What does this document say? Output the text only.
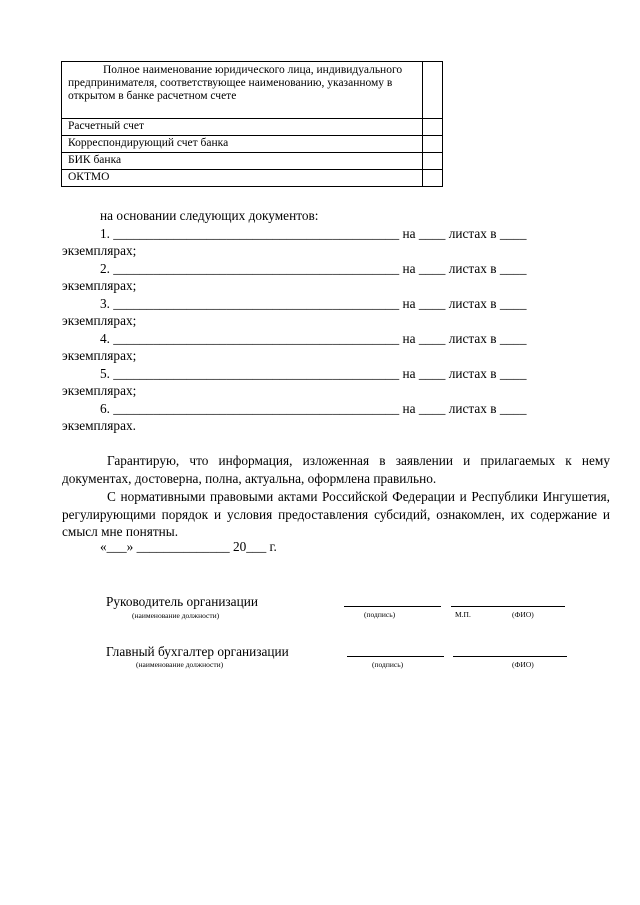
Полное наименование юридического лица, индивидуального предпринимателя, соответствующее наименованию, указанному в открытом в банке расчетном счете
Расчетный счет
Корреспондирующий счет банка
БИК банка
ОКТМО
на основании следующих документов:
1. ___________________________________________ на ____ листах в ____
экземплярах;
2. ___________________________________________ на ____ листах в ____
экземплярах;
3. ___________________________________________ на ____ листах в ____
экземплярах;
4. ___________________________________________ на ____ листах в ____
экземплярах;
5. ___________________________________________ на ____ листах в ____
экземплярах;
6. ___________________________________________ на ____ листах в ____
экземплярах.

Гарантирую, что информация, изложенная в заявлении и прилагаемых к нему документах, достоверна, полна, актуальна, оформлена правильно.

С нормативными правовыми актами Российской Федерации и Республики Ингушетия, регулирующими порядок и условия предоставления субсидий, ознакомлен, их содержание и смысл мне понятны.

«___» ______________ 20___ г.
Руководитель организации
(наименование должности)	(подпись)	М.П.	(ФИО)
Главный бухгалтер организации
(наименование должности)	(подпись)	(ФИО)
